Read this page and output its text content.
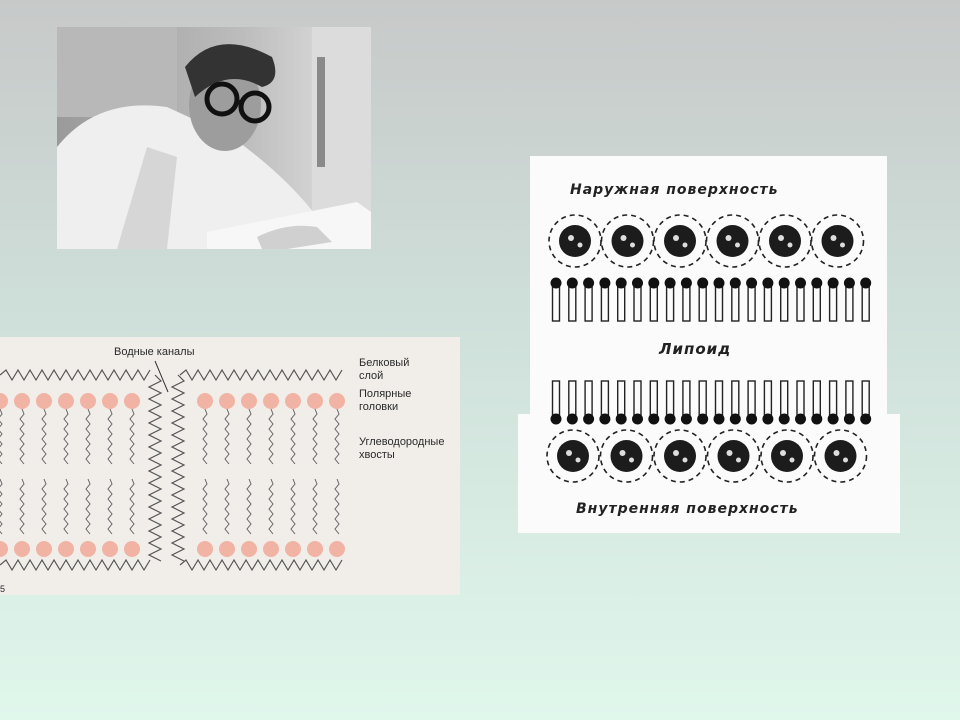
Водные каналы
Белковый слой
Полярные головки
Углеводородные хвосты
5
Наружная поверхность
Липоид
Внутренняя поверхность
